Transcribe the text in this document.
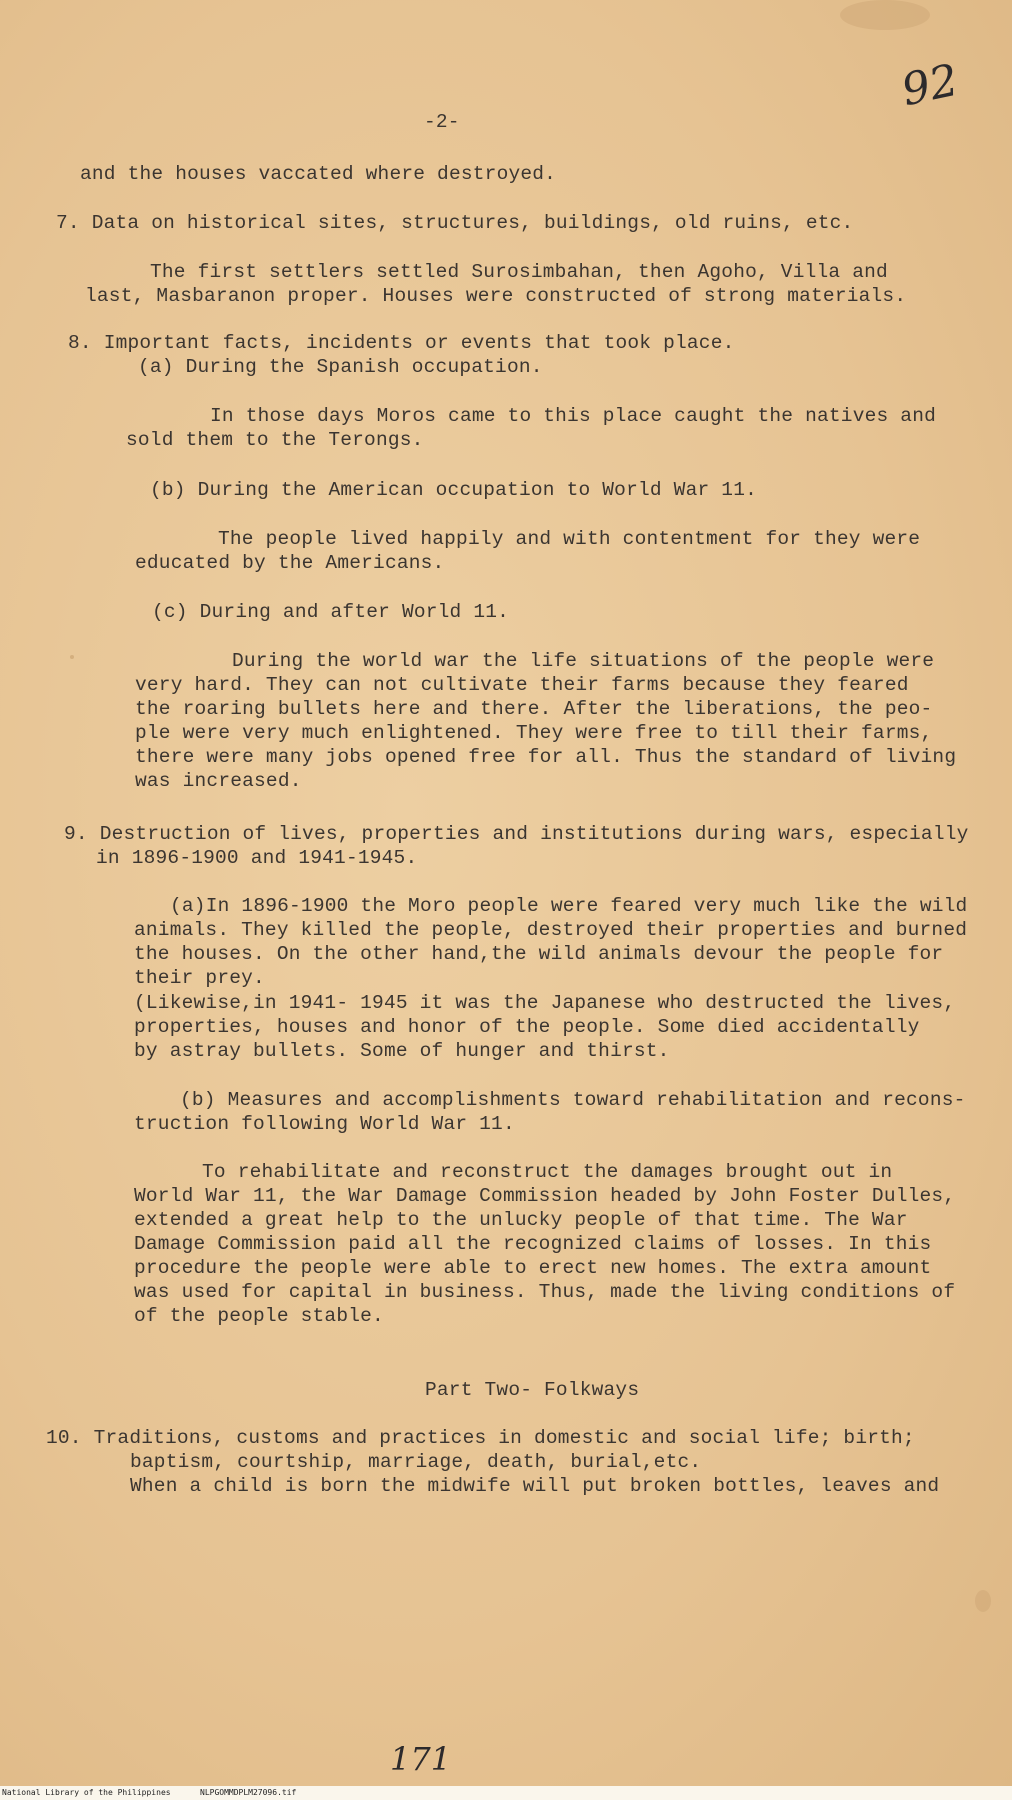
92
-2-
and the houses vaccated where destroyed.
7. Data on historical sites, structures, buildings, old ruins, etc.
The first settlers settled Surosimbahan, then Agoho, Villa and
last, Masbaranon proper. Houses were constructed of strong materials.
8. Important facts, incidents or events that took place.
(a) During the Spanish occupation.
In those days Moros came to this place caught the natives and
sold them to the Terongs.
(b) During the American occupation to World War 11.
The people lived happily and with contentment for they were
educated by the Americans.
(c) During and after World 11.
During the world war the life situations of the people were
very hard. They can not cultivate their farms because they feared
the roaring bullets here and there. After the liberations, the peo-
ple were very much enlightened. They were free to till their farms,
there were many jobs opened free for all. Thus the standard of living
was increased.
9. Destruction of lives, properties and institutions during wars, especially
in 1896-1900 and 1941-1945.
(a)In 1896-1900 the Moro people were feared very much like the wild
animals. They killed the people, destroyed their properties and burned
the houses. On the other hand,the wild animals devour the people for
their prey.
(Likewise,in 1941- 1945 it was the Japanese who destructed the lives,
properties, houses and honor of the people. Some died accidentally
by astray bullets. Some of hunger and thirst.
(b) Measures and accomplishments toward rehabilitation and recons-
truction following World War 11.
To rehabilitate and reconstruct the damages brought out in
World War 11, the War Damage Commission headed by John Foster Dulles,
extended a great help to the unlucky people of that time. The War
Damage Commission paid all the recognized claims of losses. In this
procedure the people were able to erect new homes. The extra amount
was used for capital in business. Thus, made the living conditions of
of the people stable.
Part Two- Folkways
10. Traditions, customs and practices in domestic and social life; birth;
baptism, courtship, marriage, death, burial,etc.
When a child is born the midwife will put broken bottles, leaves and
171
National Library of the Philippines	NLPGOMMDPLM27096.tif
